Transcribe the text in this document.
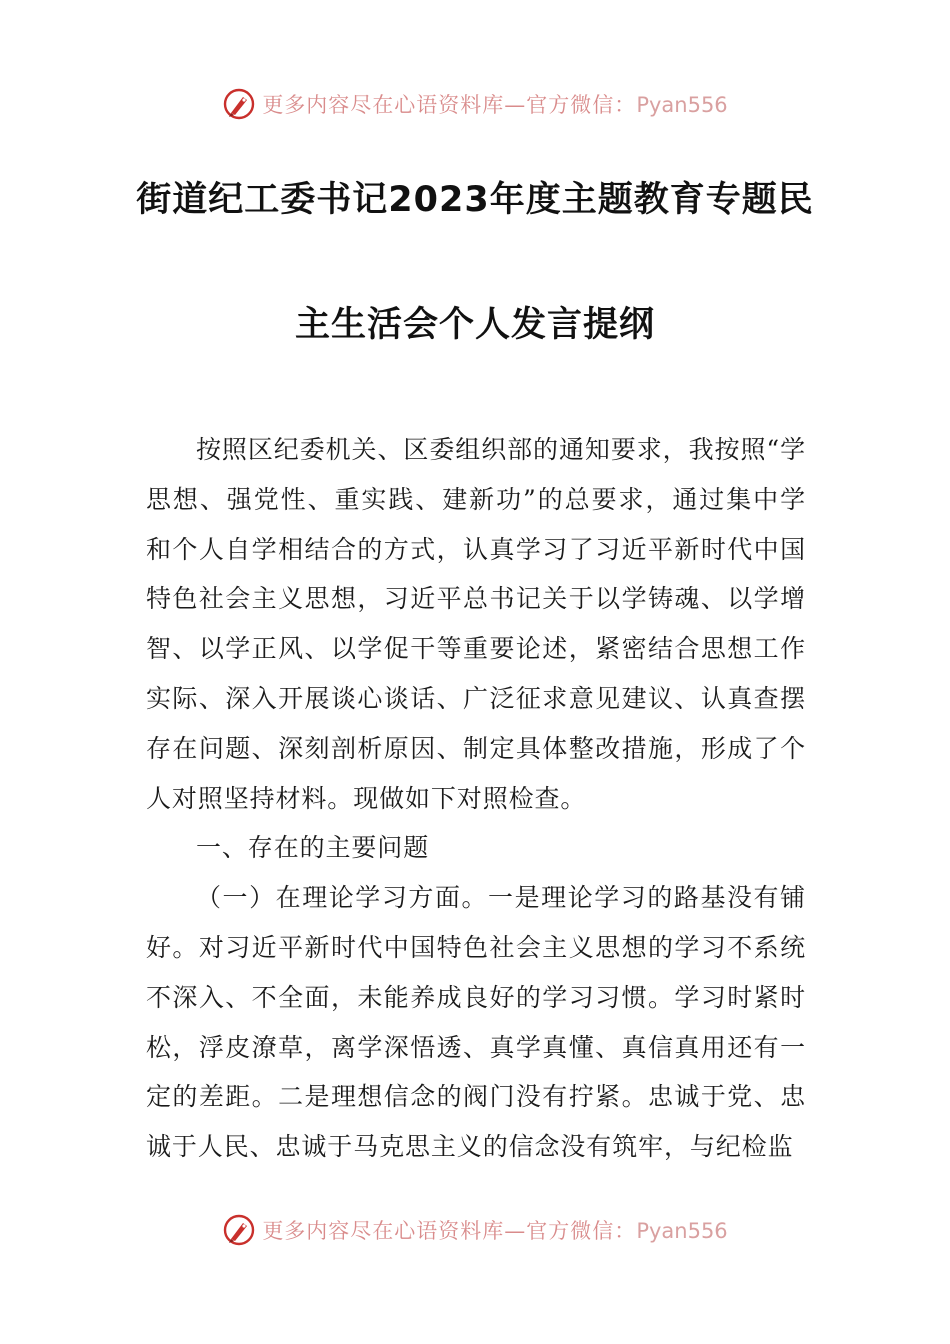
更多内容尽在心语资料库—官方微信：Pyan556
街道纪工委书记2023年度主题教育专题民
主生活会个人发言提纲

按照区纪委机关、区委组织部的通知要求，我按照“学思想、强党性、重实践、建新功”的总要求，通过集中学和个人自学相结合的方式，认真学习了习近平新时代中国特色社会主义思想，习近平总书记关于以学铸魂、以学增智、以学正风、以学促干等重要论述，紧密结合思想工作实际、深入开展谈心谈话、广泛征求意见建议、认真查摆存在问题、深刻剖析原因、制定具体整改措施，形成了个人对照坚持材料。现做如下对照检查。

一、存在的主要问题

（一）在理论学习方面。一是理论学习的路基没有铺好。对习近平新时代中国特色社会主义思想的学习不系统不深入、不全面，未能养成良好的学习习惯。学习时紧时松，浮皮潦草，离学深悟透、真学真懂、真信真用还有一定的差距。二是理想信念的阀门没有拧紧。忠诚于党、忠诚于人民、忠诚于马克思主义的信念没有筑牢，与纪检监

更多内容尽在心语资料库—官方微信：Pyan556
